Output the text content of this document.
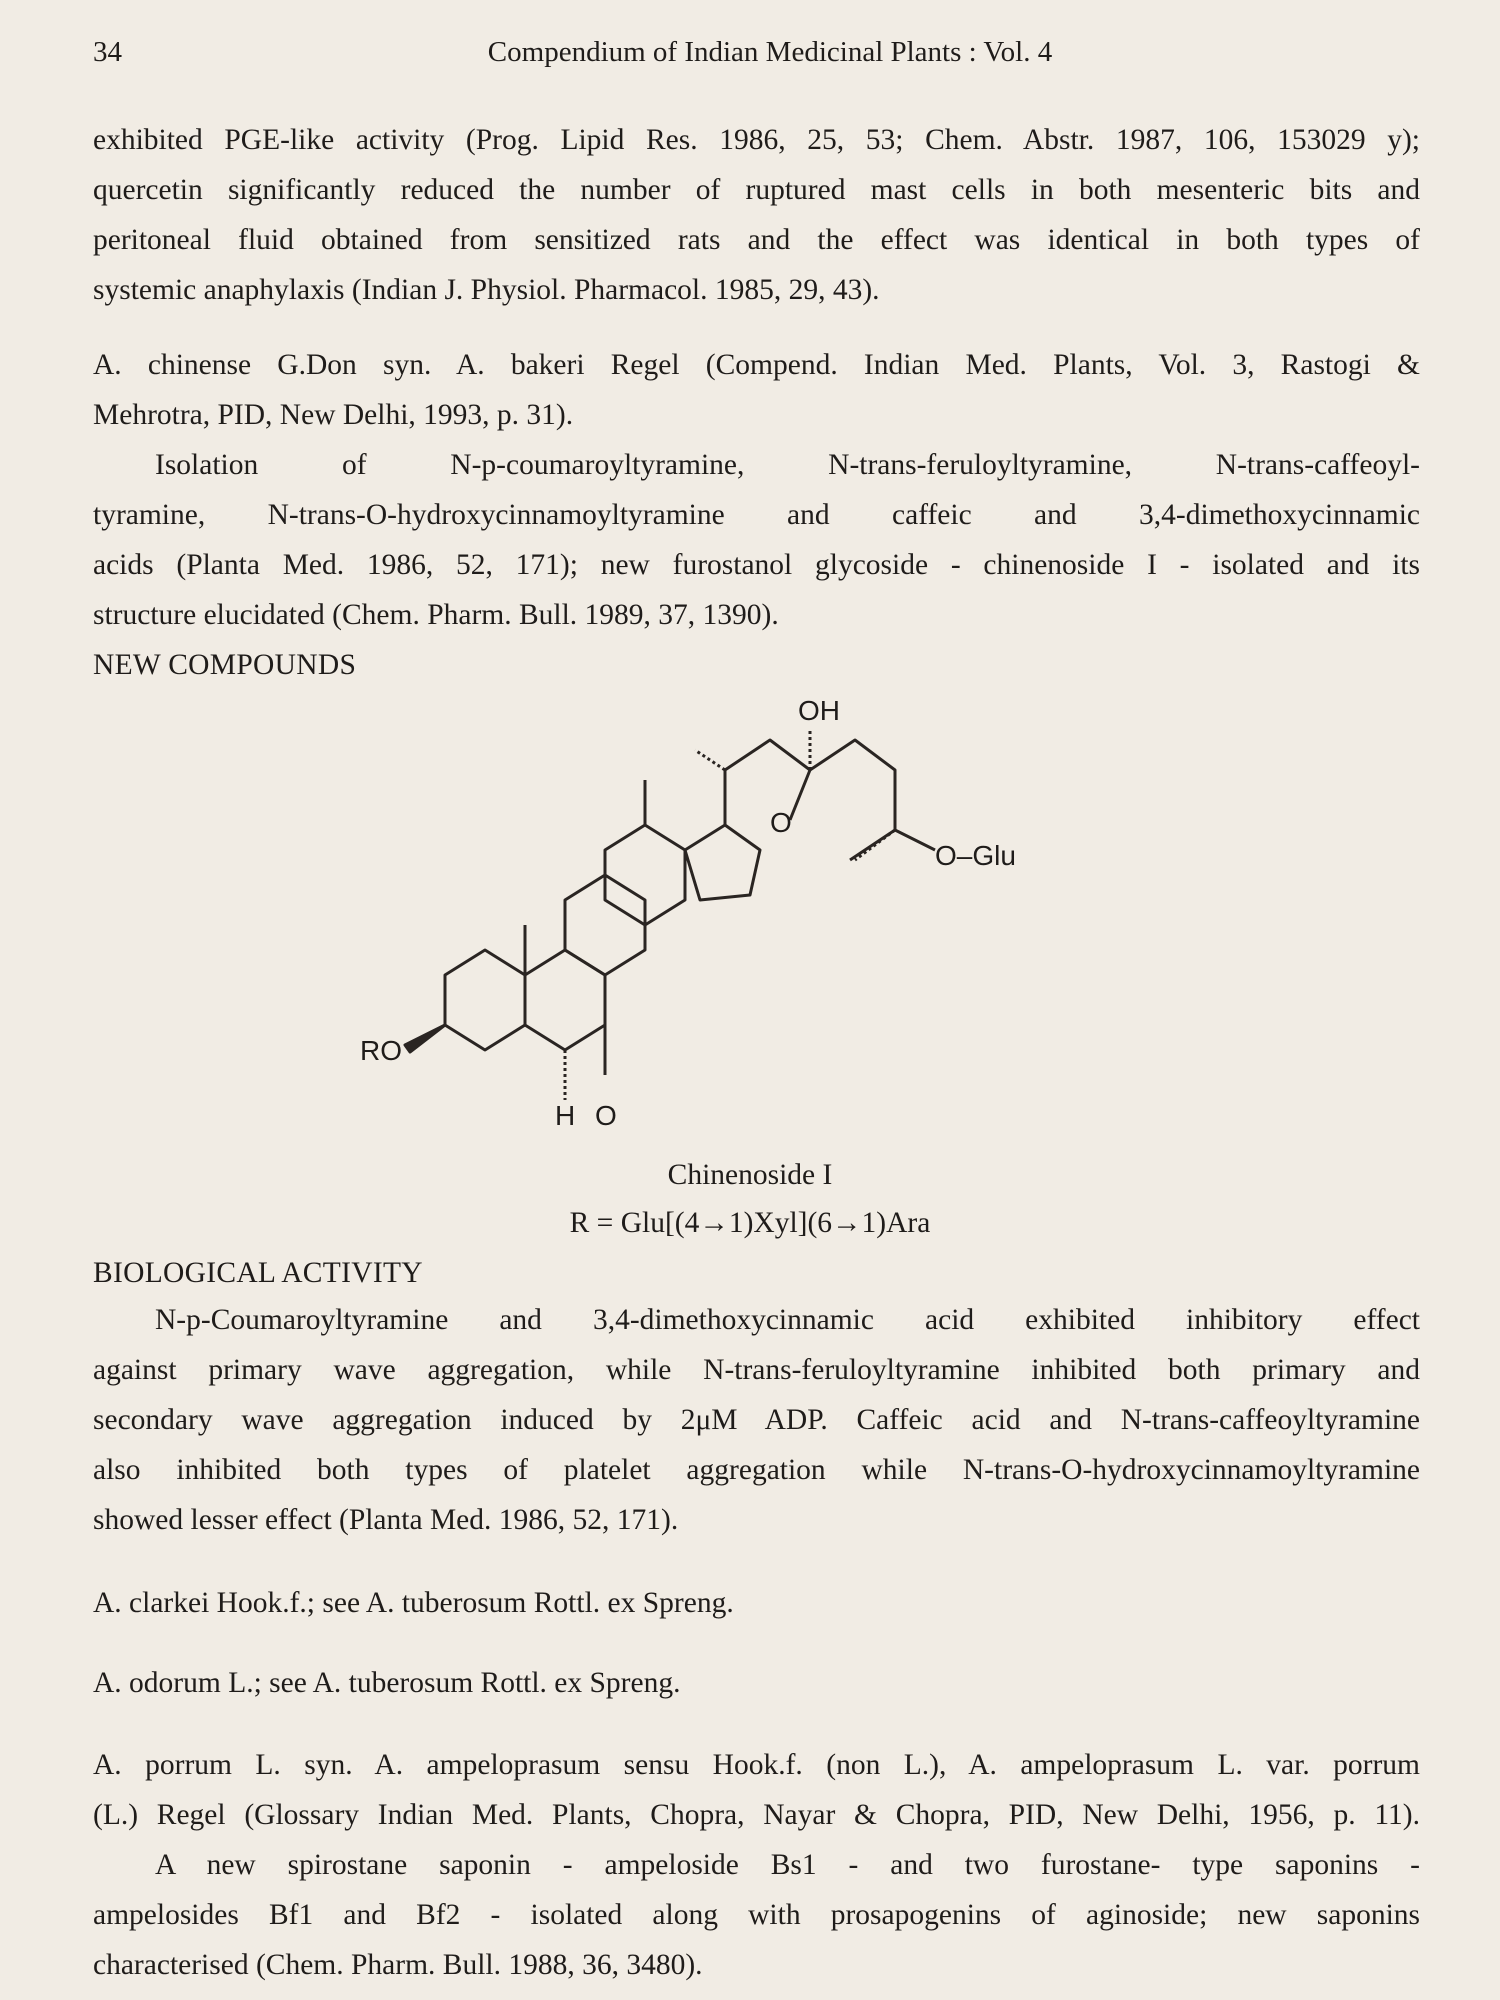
34	Compendium of Indian Medicinal Plants : Vol. 4
exhibited PGE-like activity (Prog. Lipid Res. 1986, 25, 53; Chem. Abstr. 1987, 106, 153029 y);
quercetin significantly reduced the number of ruptured mast cells in both mesenteric bits and
peritoneal fluid obtained from sensitized rats and the effect was identical in both types of
systemic anaphylaxis (Indian J. Physiol. Pharmacol. 1985, 29, 43).
A. chinense G.Don syn. A. bakeri Regel (Compend. Indian Med. Plants, Vol. 3, Rastogi &
Mehrotra, PID, New Delhi, 1993, p. 31).
Isolation of N-p-coumaroyltyramine, N-trans-feruloyltyramine, N-trans-caffeoyl-
tyramine, N-trans-O-hydroxycinnamoyltyramine and caffeic and 3,4-dimethoxycinnamic
acids (Planta Med. 1986, 52, 171); new furostanol glycoside - chinenoside I - isolated and its
structure elucidated (Chem. Pharm. Bull. 1989, 37, 1390).
NEW COMPOUNDS
OH
O
O–Glu
RO
H O
Chinenoside I
R = Glu[(4→1)Xyl](6→1)Ara
BIOLOGICAL ACTIVITY
N-p-Coumaroyltyramine and 3,4-dimethoxycinnamic acid exhibited inhibitory effect
against primary wave aggregation, while N-trans-feruloyltyramine inhibited both primary and
secondary wave aggregation induced by 2μM ADP. Caffeic acid and N-trans-caffeoyltyramine
also inhibited both types of platelet aggregation while N-trans-O-hydroxycinnamoyltyramine
showed lesser effect (Planta Med. 1986, 52, 171).
A. clarkei Hook.f.; see A. tuberosum Rottl. ex Spreng.
A. odorum L.; see A. tuberosum Rottl. ex Spreng.
A. porrum L. syn. A. ampeloprasum sensu Hook.f. (non L.), A. ampeloprasum L. var. porrum
(L.) Regel (Glossary Indian Med. Plants, Chopra, Nayar & Chopra, PID, New Delhi, 1956, p. 11).
A new spirostane saponin - ampeloside Bs1 - and two furostane- type saponins -
ampelosides Bf1 and Bf2 - isolated along with prosapogenins of aginoside; new saponins
characterised (Chem. Pharm. Bull. 1988, 36, 3480).
